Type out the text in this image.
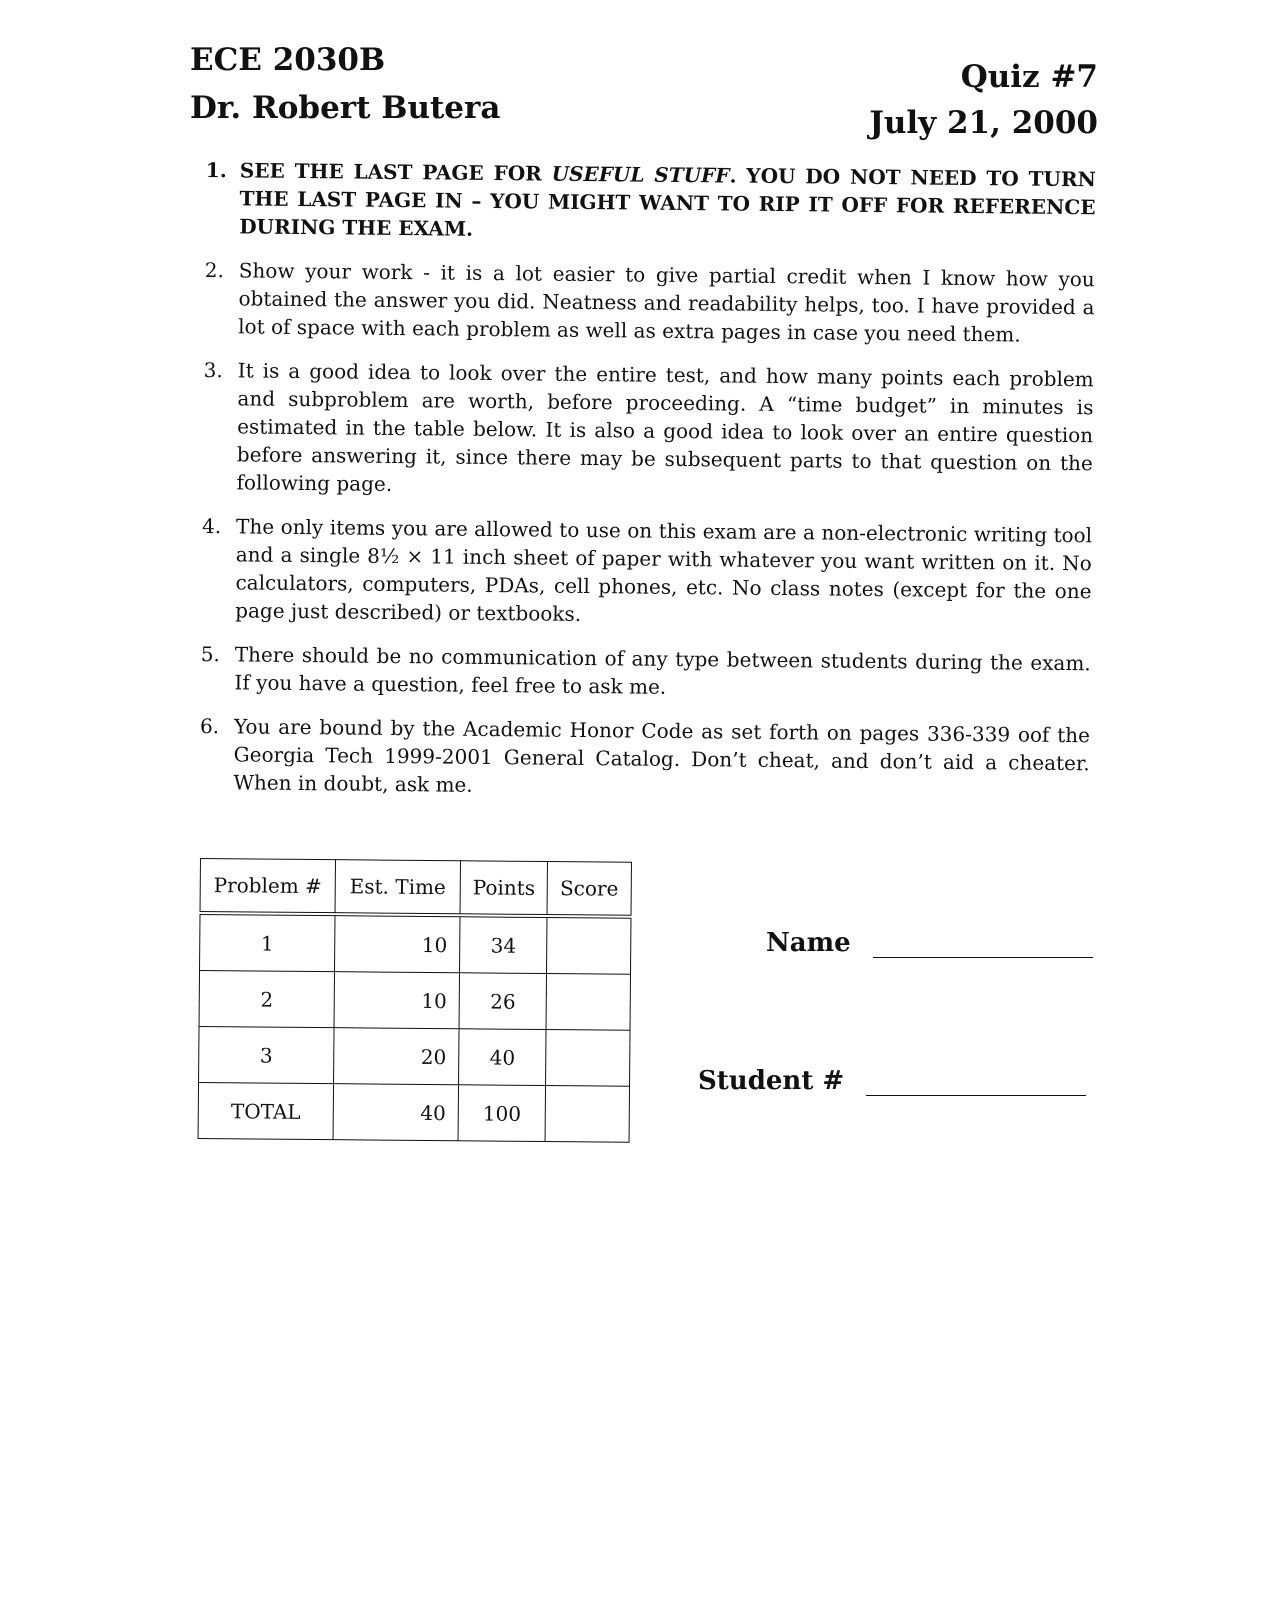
ECE 2030B
Dr. Robert Butera
Quiz #7
July 21, 2000
1. SEE THE LAST PAGE FOR USEFUL STUFF. YOU DO NOT NEED TO TURN THE LAST PAGE IN – YOU MIGHT WANT TO RIP IT OFF FOR REFERENCE DURING THE EXAM.
2. Show your work - it is a lot easier to give partial credit when I know how you obtained the answer you did. Neatness and readability helps, too. I have provided a lot of space with each problem as well as extra pages in case you need them.
3. It is a good idea to look over the entire test, and how many points each problem and subproblem are worth, before proceeding. A “time budget” in minutes is estimated in the table below. It is also a good idea to look over an entire question before answering it, since there may be subsequent parts to that question on the following page.
4. The only items you are allowed to use on this exam are a non-electronic writing tool and a single 8½ × 11 inch sheet of paper with whatever you want written on it. No calculators, computers, PDAs, cell phones, etc. No class notes (except for the one page just described) or textbooks.
5. There should be no communication of any type between students during the exam. If you have a question, feel free to ask me.
6. You are bound by the Academic Honor Code as set forth on pages 336-339 oof the Georgia Tech 1999-2001 General Catalog. Don’t cheat, and don’t aid a cheater. When in doubt, ask me.
Problem #	Est. Time	Points	Score
1	10	34	
2	10	26	
3	20	40	
TOTAL	40	100	
Name
Student #
